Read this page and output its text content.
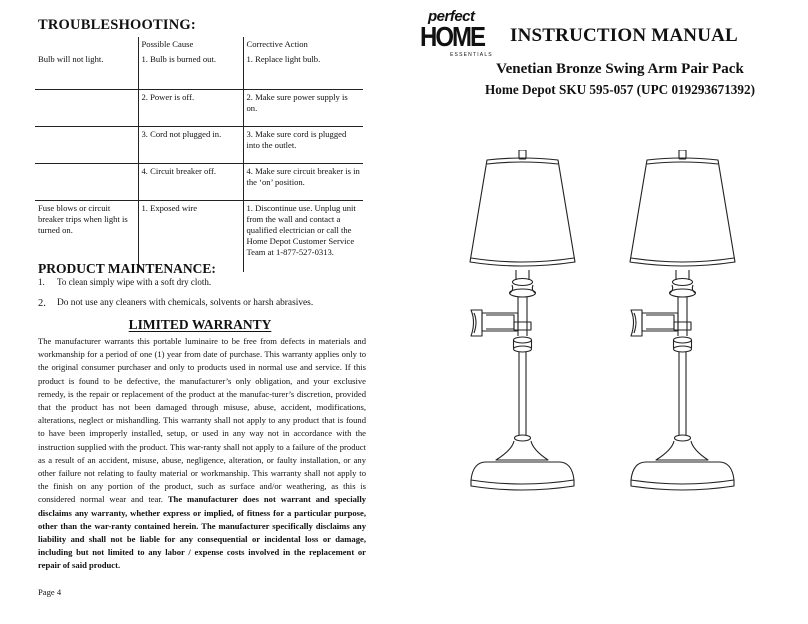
TROUBLESHOOTING:
	Possible Cause	Corrective Action
Bulb will not light.	1. Bulb is burned out.	1. Replace light bulb.
	2. Power is off.	2. Make sure power supply is on.
	3. Cord not plugged in.	3. Make sure cord is plugged into the outlet.
	4. Circuit breaker off.	4. Make sure circuit breaker is in the ‘on’ position.
Fuse blows or circuit breaker trips when light is turned on.	1. Exposed wire	1. Discontinue use. Unplug unit from the wall and contact a qualified electrician or call the Home Depot Customer Service Team at 1-877-527-0313.
PRODUCT MAINTENANCE:
1.	To clean simply wipe with a soft dry cloth.
2.	Do not use any cleaners with chemicals, solvents or harsh abrasives.
LIMITED WARRANTY
The manufacturer warrants this portable luminaire to be free from defects in materials and workmanship for a period of one (1) year from date of purchase. This warranty applies only to the original consumer purchaser and only to products used in normal use and service. If this product is found to be defective, the manufacturer’s only obligation, and your exclusive remedy, is the repair or replacement of the product at the manufac-turer’s discretion, provided that the product has not been damaged through misuse, abuse, accident, modifications, alterations, neglect or mishandling. This warranty shall not apply to any product that is found to have been improperly installed, setup, or used in any way not in accordance with the instruction supplied with the product. This war-ranty shall not apply to a failure of the product as a result of an accident, misuse, abuse, negligence, alteration, or faulty installation, or any other failure not relating to faulty material or workmanship. This warranty shall not apply to the finish on any portion of the product, such as surface and/or weathering, as this is considered normal wear and tear. The manufacturer does not warrant and specially disclaims any warranty, whether express or implied, of fitness for a particular purpose, other than the war-ranty contained herein. The manufacturer specifically disclaims any liability and shall not be liable for any consequential or incidental loss or damage, including but not limited to any labor / expense costs involved in the replacement or repair of said product.
Page 4
perfect
HOME
ESSENTIALS
INSTRUCTION MANUAL
Venetian Bronze Swing Arm Pair Pack
Home Depot SKU 595-057 (UPC 019293671392)
